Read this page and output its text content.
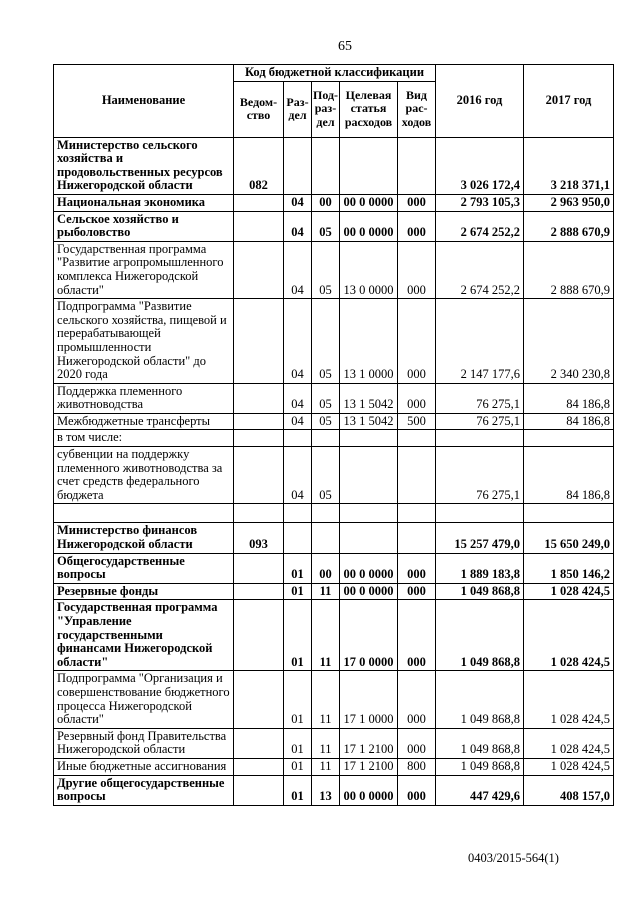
65
Наименование	Код бюджетной классификации					2016 год	2017 год
	Ведом-ство	Раз-дел	Под-раз-дел	Целевая статья расходов	Вид рас-ходов		
Министерство сельского хозяйства и продовольственных ресурсов Нижегородской области	082					3 026 172,4	3 218 371,1
Национальная экономика		04	00	00 0 0000	000	2 793 105,3	2 963 950,0
Сельское хозяйство и рыболовство		04	05	00 0 0000	000	2 674 252,2	2 888 670,9
Государственная программа "Развитие агропромышленного комплекса Нижегородской области"		04	05	13 0 0000	000	2 674 252,2	2 888 670,9
Подпрограмма "Развитие сельского хозяйства, пищевой и перерабатывающей промышленности Нижегородской области" до 2020 года		04	05	13 1 0000	000	2 147 177,6	2 340 230,8
Поддержка племенного животноводства		04	05	13 1 5042	000	76 275,1	84 186,8
Межбюджетные трансферты		04	05	13 1 5042	500	76 275,1	84 186,8
в том числе:							
субвенции на поддержку племенного животноводства за счет средств федерального бюджета		04	05			76 275,1	84 186,8

Министерство финансов Нижегородской области	093					15 257 479,0	15 650 249,0
Общегосударственные вопросы		01	00	00 0 0000	000	1 889 183,8	1 850 146,2
Резервные фонды		01	11	00 0 0000	000	1 049 868,8	1 028 424,5
Государственная программа "Управление государственными финансами Нижегородской области"		01	11	17 0 0000	000	1 049 868,8	1 028 424,5
Подпрограмма "Организация и совершенствование бюджетного процесса Нижегородской области"		01	11	17 1 0000	000	1 049 868,8	1 028 424,5
Резервный фонд Правительства Нижегородской области		01	11	17 1 2100	000	1 049 868,8	1 028 424,5
Иные бюджетные ассигнования		01	11	17 1 2100	800	1 049 868,8	1 028 424,5
Другие общегосударственные вопросы		01	13	00 0 0000	000	447 429,6	408 157,0
0403/2015-564(1)
